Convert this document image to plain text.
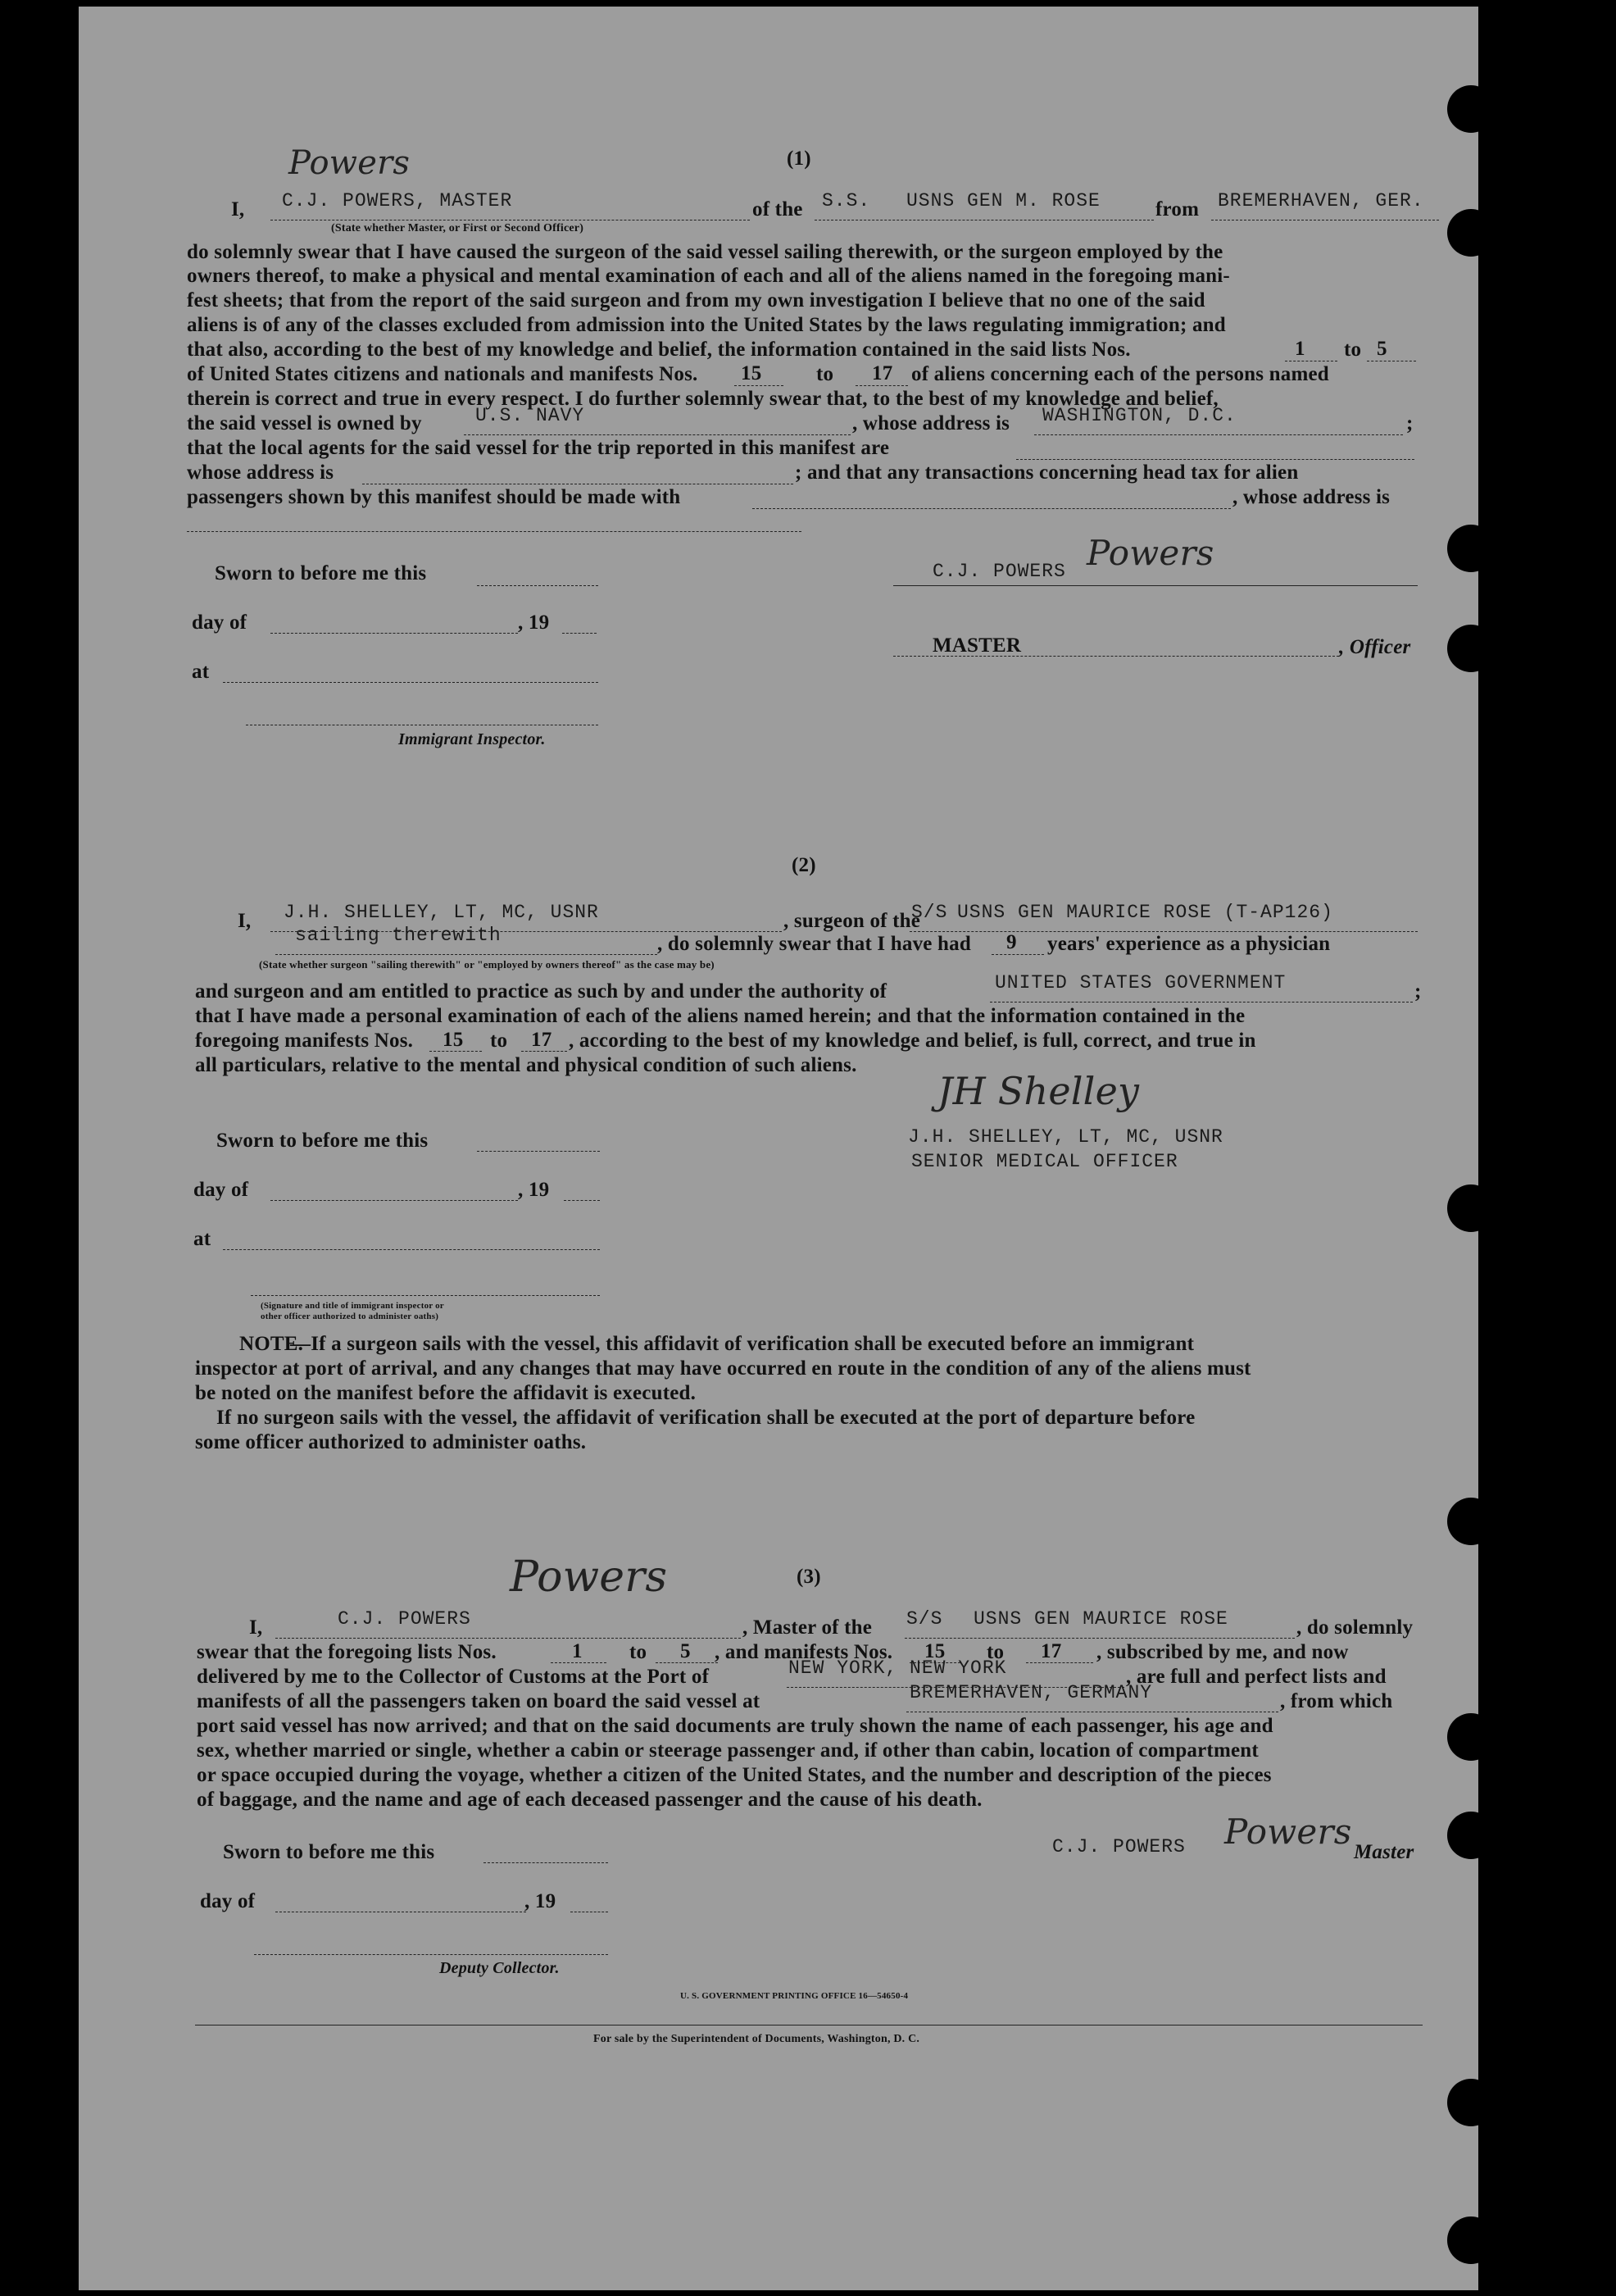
(1)
I, C.J. POWERS, MASTER
Powers
of the S.S. USNS GEN M. ROSE	from BREMERHAVEN, GER.
(State whether Master, or First or Second Officer)
do solemnly swear that I have caused the surgeon of the said vessel sailing therewith, or the surgeon employed by the
owners thereof, to make a physical and mental examination of each and all of the aliens named in the foregoing mani-
fest sheets; that from the report of the said surgeon and from my own investigation I believe that no one of the said
aliens is of any of the classes excluded from admission into the United States by the laws regulating immigration; and
that also, according to the best of my knowledge and belief, the information contained in the said lists Nos.	1 to 5
of United States citizens and nationals and manifests Nos. 15	to 17 of aliens concerning each of the persons named
therein is correct and true in every respect. I do further solemnly swear that, to the best of my knowledge and belief,
the said vessel is owned by	U.S. NAVY	, whose address is WASHINGTON, D.C.	;
that the local agents for the said vessel for the trip reported in this manifest are
whose address is	; and that any transactions concerning head tax for alien
passengers shown by this manifest should be made with	, whose address is
Sworn to before me this	C.J. POWERS Powers
day of	, 19
MASTER	, Officer
at
Immigrant Inspector.
(2)
I, J.H. SHELLEY, LT, MC, USNR	, surgeon of the
S/S USNS GEN MAURICE ROSE (T-AP126)
sailing therewith	, do solemnly swear that I have had 9 years' experience as a physician
(State whether surgeon "sailing therewith" or "employed by owners thereof" as the case may be)
and surgeon and am entitled to practice as such by and under the authority of	UNITED STATES GOVERNMENT	;
that I have made a personal examination of each of the aliens named herein; and that the information contained in the
foregoing manifests Nos. 15 to 17 , according to the best of my knowledge and belief, is full, correct, and true in
all particulars, relative to the mental and physical condition of such aliens.
JH Shelley
Sworn to before me this	J.H. SHELLEY, LT, MC, USNR
SENIOR MEDICAL OFFICER
day of	, 19
at
(Signature and title of immigrant inspector or
other officer authorized to administer oaths)
NOTE.
—If a surgeon sails with the vessel, this affidavit of verification shall be executed before an immigrant
inspector at port of arrival, and any changes that may have occurred en route in the condition of any of the aliens must
be noted on the manifest before the affidavit is executed.
If no surgeon sails with the vessel, the affidavit of verification shall be executed at the port of departure before
some officer authorized to administer oaths.
(3)
I,	C.J. POWERS
Powers
, Master of the S/S USNS GEN MAURICE ROSE	, do solemnly
swear that the foregoing lists Nos.	1 to 5 , and manifests Nos. 15 to 17 , subscribed by me, and now
delivered by me to the Collector of Customs at the Port of	NEW YORK, NEW YORK	, are full and perfect lists and
manifests of all the passengers taken on board the said vessel at	BREMERHAVEN, GERMANY	, from which
port said vessel has now arrived; and that on the said documents are truly shown the name of each passenger, his age and
sex, whether married or single, whether a cabin or steerage passenger and, if other than cabin, location of compartment
or space occupied during the voyage, whether a citizen of the United States, and the number and description of the pieces
of baggage, and the name and age of each deceased passenger and the cause of his death.
Sworn to before me this	C.J. POWERS Powers
Master
day of	, 19
Deputy Collector.
U. S. GOVERNMENT PRINTING OFFICE 16—54650-4
For sale by the Superintendent of Documents, Washington, D. C.
